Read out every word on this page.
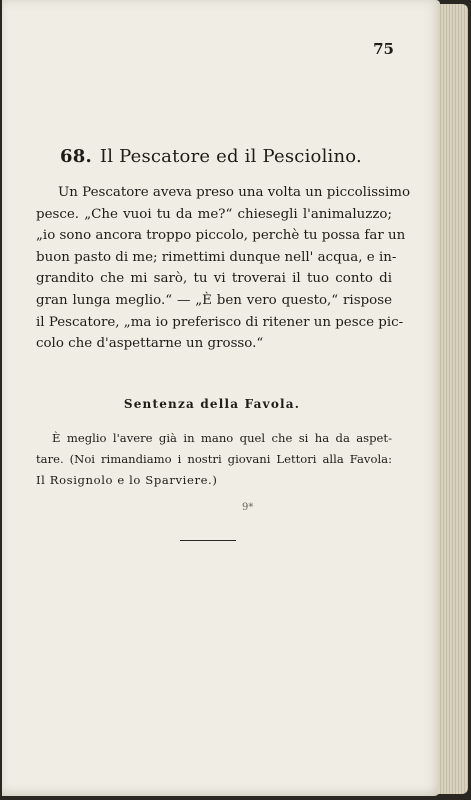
75
68. Il Pescatore ed il Pesciolino.

Un Pescatore aveva preso una volta un piccolissimo
pesce. „Che vuoi tu da me?“ chiesegli l'animaluzzo;
„io sono ancora troppo piccolo, perchè tu possa far un
buon pasto di me; rimettimi dunque nell' acqua, e in-
grandito che mi sarò, tu vi troverai il tuo conto di
gran lunga meglio.“ — „È ben vero questo,“ rispose
il Pescatore, „ma io preferisco di ritener un pesce pic-
colo che d'aspettarne un grosso.“

Sentenza della Favola.

È meglio l'avere già in mano quel che si ha da aspet-
tare. (Noi rimandiamo i nostri giovani Lettori alla Favola:
Il Rosignolo e lo Sparviere.)

9*
